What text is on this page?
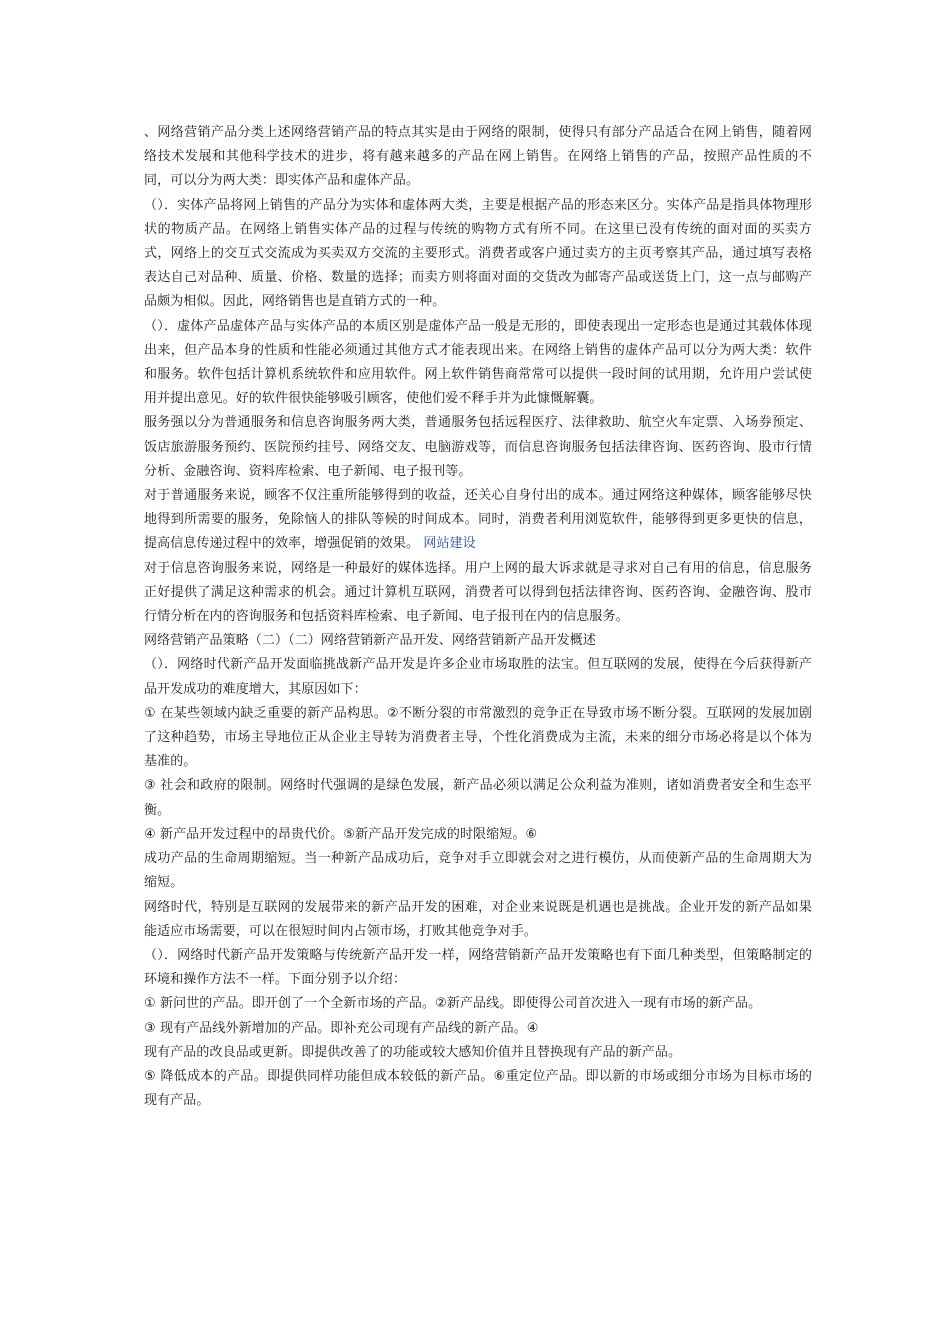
、网络营销产品分类上述网络营销产品的特点其实是由于网络的限制，使得只有部分产品适合在网上销售，随着网络技术发展和其他科学技术的进步，将有越来越多的产品在网上销售。在网络上销售的产品，按照产品性质的不同，可以分为两大类：即实体产品和虚体产品。

（）．实体产品将网上销售的产品分为实体和虚体两大类，主要是根据产品的形态来区分。实体产品是指具体物理形状的物质产品。在网络上销售实体产品的过程与传统的购物方式有所不同。在这里已没有传统的面对面的买卖方式，网络上的交互式交流成为买卖双方交流的主要形式。消费者或客户通过卖方的主页考察其产品，通过填写表格表达自己对品种、质量、价格、数量的选择；而卖方则将面对面的交货改为邮寄产品或送货上门，这一点与邮购产品颇为相似。因此，网络销售也是直销方式的一种。

（）．虚体产品虚体产品与实体产品的本质区别是虚体产品一般是无形的，即使表现出一定形态也是通过其载体体现出来，但产品本身的性质和性能必须通过其他方式才能表现出来。在网络上销售的虚体产品可以分为两大类：软件和服务。软件包括计算机系统软件和应用软件。网上软件销售商常常可以提供一段时间的试用期，允许用户尝试使用并提出意见。好的软件很快能够吸引顾客，使他们爱不释手并为此慷慨解囊。

服务强以分为普通服务和信息咨询服务两大类，普通服务包括远程医疗、法律救助、航空火车定票、入场券预定、饭店旅游服务预约、医院预约挂号、网络交友、电脑游戏等，而信息咨询服务包括法律咨询、医药咨询、股市行情分析、金融咨询、资料库检索、电子新闻、电子报刊等。

对于普通服务来说，顾客不仅注重所能够得到的收益，还关心自身付出的成本。通过网络这种媒体，顾客能够尽快地得到所需要的服务，免除恼人的排队等候的时间成本。同时，消费者利用浏览软件，能够得到更多更快的信息，提高信息传递过程中的效率，增强促销的效果。 网站建设

对于信息咨询服务来说，网络是一种最好的媒体选择。用户上网的最大诉求就是寻求对自己有用的信息，信息服务正好提供了满足这种需求的机会。通过计算机互联网，消费者可以得到包括法律咨询、医药咨询、金融咨询、股市行情分析在内的咨询服务和包括资料库检索、电子新闻、电子报刊在内的信息服务。

网络营销产品策略（二）（二）网络营销新产品开发、网络营销新产品开发概述

（）．网络时代新产品开发面临挑战新产品开发是许多企业市场取胜的法宝。但互联网的发展，使得在今后获得新产品开发成功的难度增大，其原因如下：

① 在某些领域内缺乏重要的新产品构思。②不断分裂的市常激烈的竞争正在导致市场不断分裂。互联网的发展加剧了这种趋势，市场主导地位正从企业主导转为消费者主导，个性化消费成为主流，未来的细分市场必将是以个体为基准的。

③ 社会和政府的限制。网络时代强调的是绿色发展，新产品必须以满足公众利益为准则，诸如消费者安全和生态平衡。

④ 新产品开发过程中的昂贵代价。⑤新产品开发完成的时限缩短。⑥

成功产品的生命周期缩短。当一种新产品成功后，竞争对手立即就会对之进行模仿，从而使新产品的生命周期大为缩短。

网络时代，特别是互联网的发展带来的新产品开发的困难，对企业来说既是机遇也是挑战。企业开发的新产品如果能适应市场需要，可以在很短时间内占领市场，打败其他竞争对手。

（）．网络时代新产品开发策略与传统新产品开发一样，网络营销新产品开发策略也有下面几种类型，但策略制定的环境和操作方法不一样。下面分别予以介绍：

① 新问世的产品。即开创了一个全新市场的产品。②新产品线。即使得公司首次进入一现有市场的新产品。

③ 现有产品线外新增加的产品。即补充公司现有产品线的新产品。④

现有产品的改良品或更新。即提供改善了的功能或较大感知价值并且替换现有产品的新产品。

⑤ 降低成本的产品。即提供同样功能但成本较低的新产品。⑥重定位产品。即以新的市场或细分市场为目标市场的现有产品。
